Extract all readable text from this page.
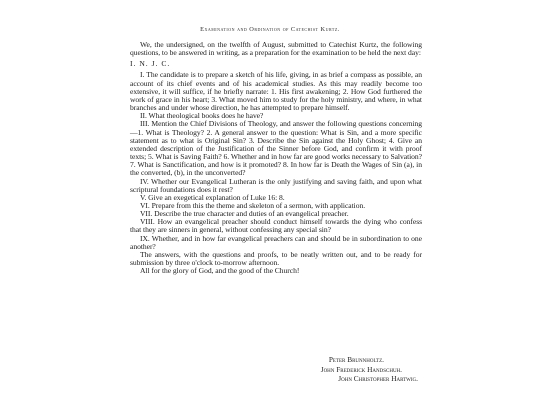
Examination and Ordination of Catechist Kurtz.

We, the undersigned, on the twelfth of August, submitted to Catechist Kurtz, the following questions, to be answered in writing, as a preparation for the examination to be held the next day:

I. N. J. C.

I. The candidate is to prepare a sketch of his life, giving, in as brief a compass as possible, an account of its chief events and of his academical studies. As this may readily become too extensive, it will suffice, if he briefly narrate: 1. His first awakening; 2. How God furthered the work of grace in his heart; 3. What moved him to study for the holy ministry, and where, in what branches and under whose direction, he has attempted to prepare himself.

II. What theological books does he have?

III. Mention the Chief Divisions of Theology, and answer the following questions concerning—1. What is Theology? 2. A general answer to the question: What is Sin, and a more specific statement as to what is Original Sin? 3. Describe the Sin against the Holy Ghost; 4. Give an extended description of the Justification of the Sinner before God, and confirm it with proof texts; 5. What is Saving Faith? 6. Whether and in how far are good works necessary to Salvation? 7. What is Sanctification, and how is it promoted? 8. In how far is Death the Wages of Sin (a), in the converted, (b), in the unconverted?

IV. Whether our Evangelical Lutheran is the only justifying and saving faith, and upon what scriptural foundations does it rest?

V. Give an exegetical explanation of Luke 16: 8.

VI. Prepare from this the theme and skeleton of a sermon, with application.

VII. Describe the true character and duties of an evangelical preacher.

VIII. How an evangelical preacher should conduct himself towards the dying who confess that they are sinners in general, without confessing any special sin?

IX. Whether, and in how far evangelical preachers can and should be in subordination to one another?

The answers, with the questions and proofs, to be neatly written out, and to be ready for submission by three o'clock to-morrow afternoon.

All for the glory of God, and the good of the Church!

Peter Brunnholtz.
John Frederick Handschuh.
John Christopher Hartwig.
